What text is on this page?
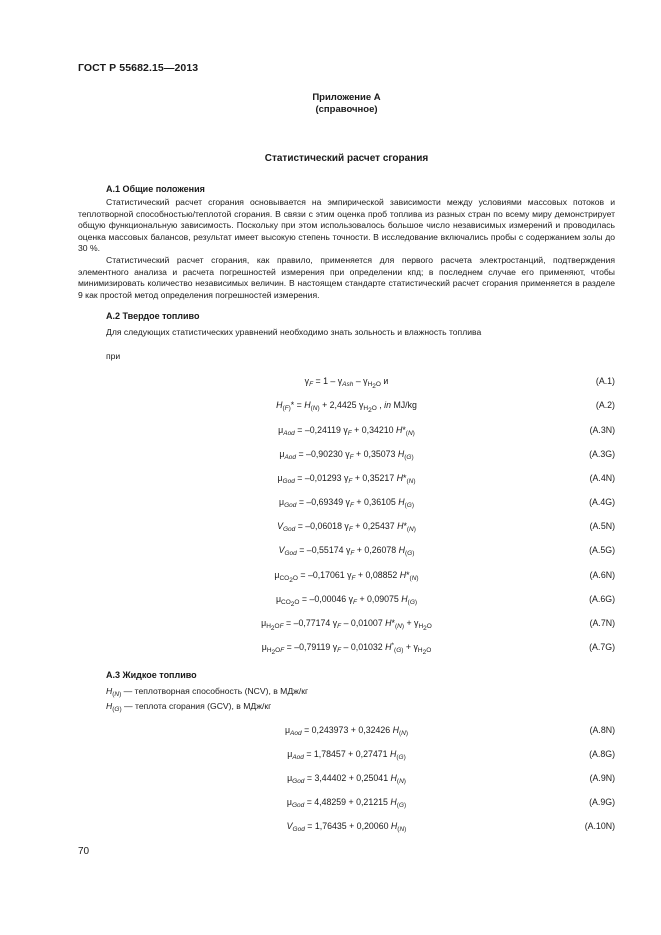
ГОСТ Р 55682.15—2013
Приложение А
(справочное)
Статистический расчет сгорания
А.1 Общие положения

Статистический расчет сгорания основывается на эмпирической зависимости между условиями массовых потоков и теплотворной способностью/теплотой сгорания. В связи с этим оценка проб топлива из разных стран по всему миру демонстрирует общую функциональную зависимость. Поскольку при этом использовалось большое число независимых измерений и проводилась оценка массовых балансов, результат имеет высокую степень точности. В исследование включались пробы с содержанием золы до 30 %.

Статистический расчет сгорания, как правило, применяется для первого расчета электростанций, подтверждения элементного анализа и расчета погрешностей измерения при определении кпд; в последнем случае его применяют, чтобы минимизировать количество независимых величин. В настоящем стандарте статистический расчет сгорания применяется в разделе 9 как простой метод определения погрешностей измерения.

А.2 Твердое топливо
Для следующих статистических уравнений необходимо знать зольность и влажность топлива
при
$\gamma_F = 1 - \gamma_{Ash} - \gamma_{H_2O}$ и	(А.1)
$H_{(F)}* = H_{(N)} + 2,4425$ $\gamma_{H_2O}$ , in MJ/kg	(А.2)
$\mu_{Aod} = -0,24119$ $\gamma_F + 0,34210$ $H*_{(N)}$	(А.3N)
$\mu_{Aod} = -0,90230$ $\gamma_F + 0,35073$ $H_{(G)}$	(А.3G)
$\mu_{God} = -0,01293$ $\gamma_F + 0,35217$ $H*_{(N)}$	(А.4N)
$\mu_{God} = -0,69349$ $\gamma_F + 0,36105$ $H_{(G)}$	(А.4G)
$V_{God} = -0,06018$ $\gamma_F + 0,25437$ $H*_{(N)}$	(А.5N)
$V_{God} = -0,55174$ $\gamma_F + 0,26078$ $H_{(G)}$	(А.5G)
$\mu_{CO_2O} = -0,17061$ $\gamma_F + 0,08852$ $H*_{(N)}$	(А.6N)
$\mu_{CO_2O} = -0,00046$ $\gamma_F + 0,09075$ $H_{(G)}$	(А.6G)
$\mu_{H_2OF} = -0,77174$ $\gamma_F - 0,01007$ $H*_{(N)} + \gamma_{H_2O}$	(А.7N)
$\mu_{H_2OF} = -0,79119$ $\gamma_F - 0,01032$ $H^*_{(G)} + \gamma_{H_2O}$	(А.7G)
А.3 Жидкое топливо
$H_{(N)}$ — теплотворная способность (NCV), в МДж/кг
$H_{(G)}$ — теплота сгорания (GCV), в МДж/кг
$\mu_{Aod} = 0,243973 + 0,32426$ $H_{(N)}$	(А.8N)
$\mu_{Aod} = 1,78457 + 0,27471$ $H_{(G)}$	(А.8G)
$\mu_{God} = 3,44402 + 0,25041$ $H_{(N)}$	(А.9N)
$\mu_{God} = 4,48259 + 0,21215$ $H_{(G)}$	(А.9G)
$V_{God} = 1,76435 + 0,20060$ $H_{(N)}$	(А.10N)
70
